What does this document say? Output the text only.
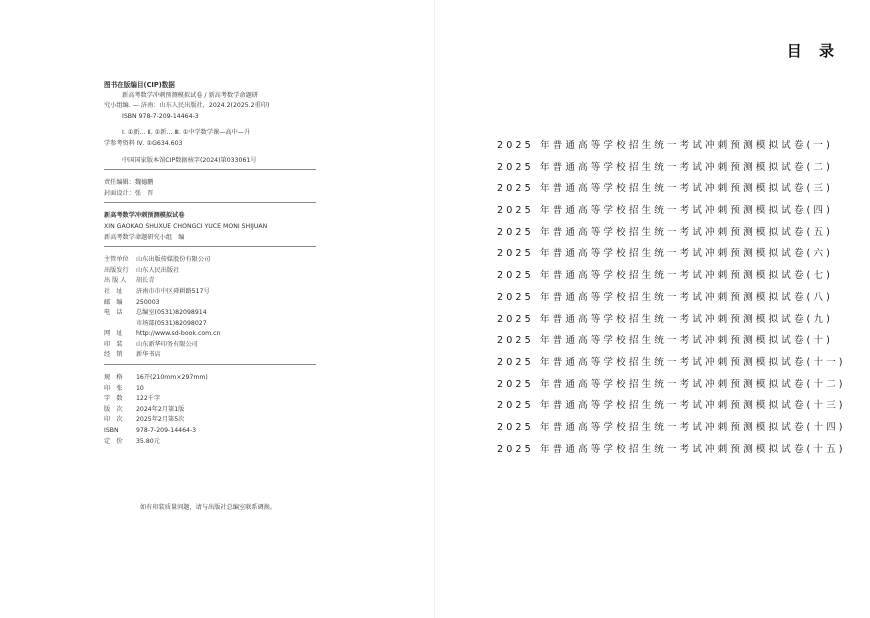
图书在版编目(CIP)数据
新高考数学冲刺预测模拟试卷 / 新高考数学命题研
究小组编. — 济南：山东人民出版社，2024.2(2025.2重印)
ISBN 978-7-209-14464-3
Ⅰ. ①新… Ⅱ. ①新… Ⅲ. ①中学数学课—高中—升
学参考资料 Ⅳ. ①G634.603
中国国家版本馆CIP数据核字(2024)第033061号
责任编辑：魏德鹏
封面设计：张　晋
新高考数学冲刺预测模拟试卷
XIN GAOKAO SHUXUE CHONGCI YUCE MONI SHIJUAN
新高考数学命题研究小组　编
主管单位	山东出版传媒股份有限公司
出版发行	山东人民出版社
出 版 人	胡长青
社　址	济南市市中区舜耕路517号
邮　编	250003
电　话	总编室(0531)82098914
市场部(0531)82098027
网　址	http://www.sd-book.com.cn
印　装	山东新华印务有限公司
经　销	新华书店
规　格	16开(210mm×297mm)
印　张	10
字　数	122千字
版　次	2024年2月第1版
印　次	2025年2月第5次
ISBN	978-7-209-14464-3
定　价	35.80元
如有印装质量问题，请与出版社总编室联系调换。
目 录
2025 年普通高等学校招生统一考试冲刺预测模拟试卷(一)
2025 年普通高等学校招生统一考试冲刺预测模拟试卷(二)
2025 年普通高等学校招生统一考试冲刺预测模拟试卷(三)
2025 年普通高等学校招生统一考试冲刺预测模拟试卷(四)
2025 年普通高等学校招生统一考试冲刺预测模拟试卷(五)
2025 年普通高等学校招生统一考试冲刺预测模拟试卷(六)
2025 年普通高等学校招生统一考试冲刺预测模拟试卷(七)
2025 年普通高等学校招生统一考试冲刺预测模拟试卷(八)
2025 年普通高等学校招生统一考试冲刺预测模拟试卷(九)
2025 年普通高等学校招生统一考试冲刺预测模拟试卷(十)
2025 年普通高等学校招生统一考试冲刺预测模拟试卷(十一)
2025 年普通高等学校招生统一考试冲刺预测模拟试卷(十二)
2025 年普通高等学校招生统一考试冲刺预测模拟试卷(十三)
2025 年普通高等学校招生统一考试冲刺预测模拟试卷(十四)
2025 年普通高等学校招生统一考试冲刺预测模拟试卷(十五)
